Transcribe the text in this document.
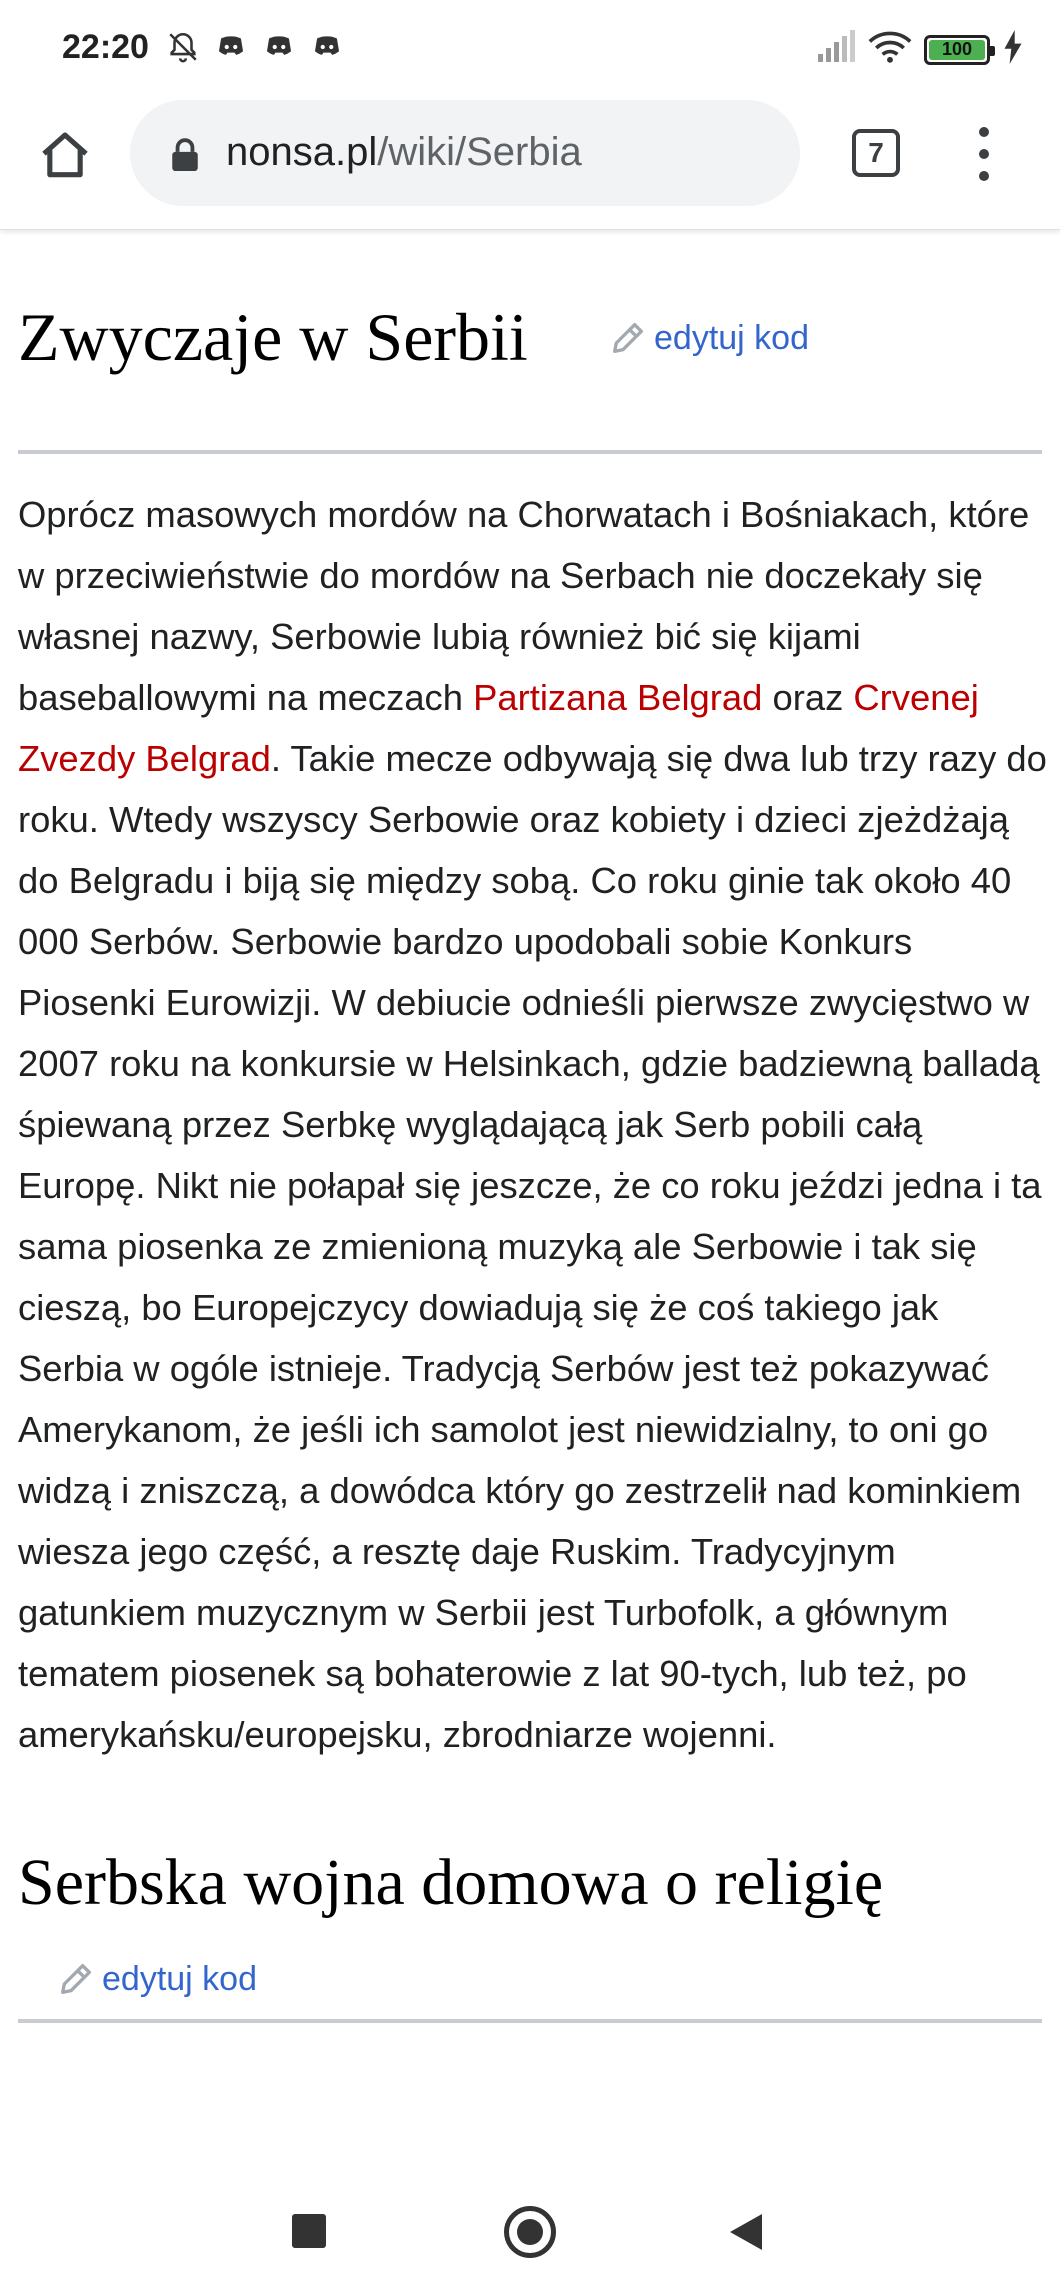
22:20	100
nonsa.pl/wiki/Serbia	7
Zwyczaje w Serbii	edytuj kod

Oprócz masowych mordów na Chorwatach i Bośniakach, które w przeciwieństwie do mordów na Serbach nie doczekały się własnej nazwy, Serbowie lubią również bić się kijami baseballowymi na meczach Partizana Belgrad oraz Crvenej Zvezdy Belgrad. Takie mecze odbywają się dwa lub trzy razy do roku. Wtedy wszyscy Serbowie oraz kobiety i dzieci zjeżdżają do Belgradu i biją się między sobą. Co roku ginie tak około 40 000 Serbów. Serbowie bardzo upodobali sobie Konkurs Piosenki Eurowizji. W debiucie odnieśli pierwsze zwycięstwo w 2007 roku na konkursie w Helsinkach, gdzie badziewną balladą śpiewaną przez Serbkę wyglądającą jak Serb pobili całą Europę. Nikt nie połapał się jeszcze, że co roku jeździ jedna i ta sama piosenka ze zmienioną muzyką ale Serbowie i tak się cieszą, bo Europejczycy dowiadują się że coś takiego jak Serbia w ogóle istnieje. Tradycją Serbów jest też pokazywać Amerykanom, że jeśli ich samolot jest niewidzialny, to oni go widzą i zniszczą, a dowódca który go zestrzelił nad kominkiem wiesza jego część, a resztę daje Ruskim. Tradycyjnym gatunkiem muzycznym w Serbii jest Turbofolk, a głównym tematem piosenek są bohaterowie z lat 90-tych, lub też, po amerykańsku/europejsku, zbrodniarze wojenni.

Serbska wojna domowa o religię
edytuj kod
